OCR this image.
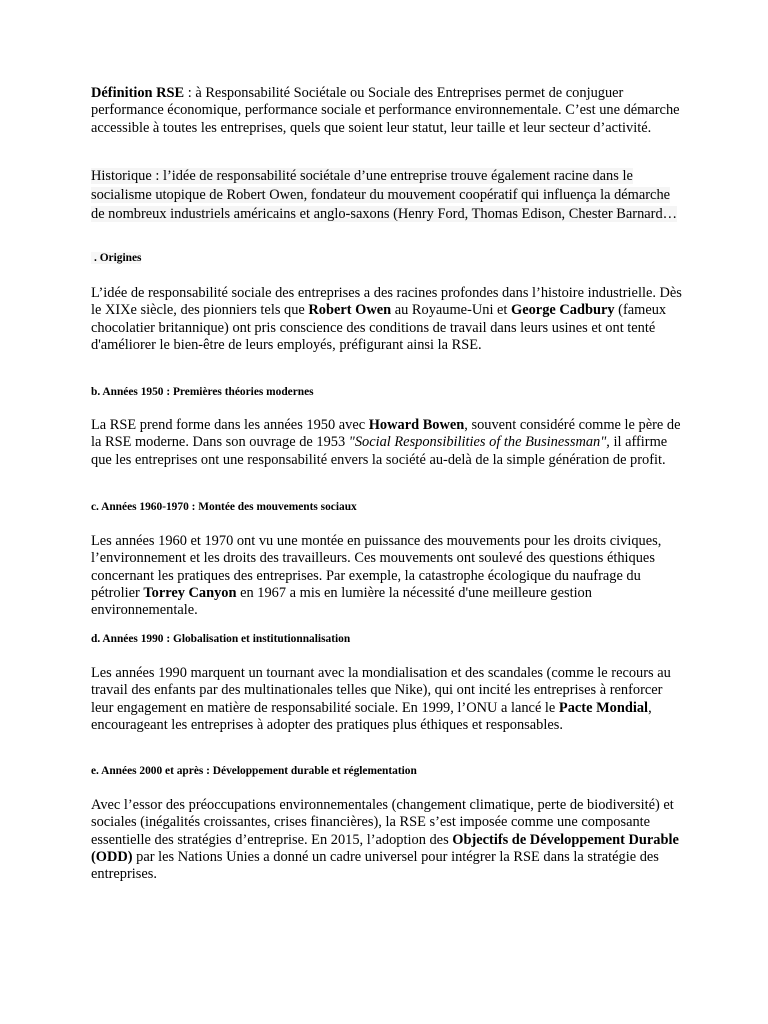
Définition RSE : à Responsabilité Sociétale ou Sociale des Entreprises permet de conjuguer performance économique, performance sociale et performance environnementale. C’est une démarche accessible à toutes les entreprises, quels que soient leur statut, leur taille et leur secteur d’activité.

Historique : l’idée de responsabilité sociétale d’une entreprise trouve également racine dans le socialisme utopique de Robert Owen, fondateur du mouvement coopératif qui influença la démarche de nombreux industriels américains et anglo-saxons (Henry Ford, Thomas Edison, Chester Barnard…

. Origines

L’idée de responsabilité sociale des entreprises a des racines profondes dans l’histoire industrielle. Dès le XIXe siècle, des pionniers tels que Robert Owen au Royaume-Uni et George Cadbury (fameux chocolatier britannique) ont pris conscience des conditions de travail dans leurs usines et ont tenté d'améliorer le bien-être de leurs employés, préfigurant ainsi la RSE.

b. Années 1950 : Premières théories modernes

La RSE prend forme dans les années 1950 avec Howard Bowen, souvent considéré comme le père de la RSE moderne. Dans son ouvrage de 1953 "Social Responsibilities of the Businessman", il affirme que les entreprises ont une responsabilité envers la société au-delà de la simple génération de profit.

c. Années 1960-1970 : Montée des mouvements sociaux

Les années 1960 et 1970 ont vu une montée en puissance des mouvements pour les droits civiques, l’environnement et les droits des travailleurs. Ces mouvements ont soulevé des questions éthiques concernant les pratiques des entreprises. Par exemple, la catastrophe écologique du naufrage du pétrolier Torrey Canyon en 1967 a mis en lumière la nécessité d'une meilleure gestion environnementale.

d. Années 1990 : Globalisation et institutionnalisation

Les années 1990 marquent un tournant avec la mondialisation et des scandales (comme le recours au travail des enfants par des multinationales telles que Nike), qui ont incité les entreprises à renforcer leur engagement en matière de responsabilité sociale. En 1999, l’ONU a lancé le Pacte Mondial, encourageant les entreprises à adopter des pratiques plus éthiques et responsables.

e. Années 2000 et après : Développement durable et réglementation

Avec l’essor des préoccupations environnementales (changement climatique, perte de biodiversité) et sociales (inégalités croissantes, crises financières), la RSE s’est imposée comme une composante essentielle des stratégies d’entreprise. En 2015, l’adoption des Objectifs de Développement Durable (ODD) par les Nations Unies a donné un cadre universel pour intégrer la RSE dans la stratégie des entreprises.
